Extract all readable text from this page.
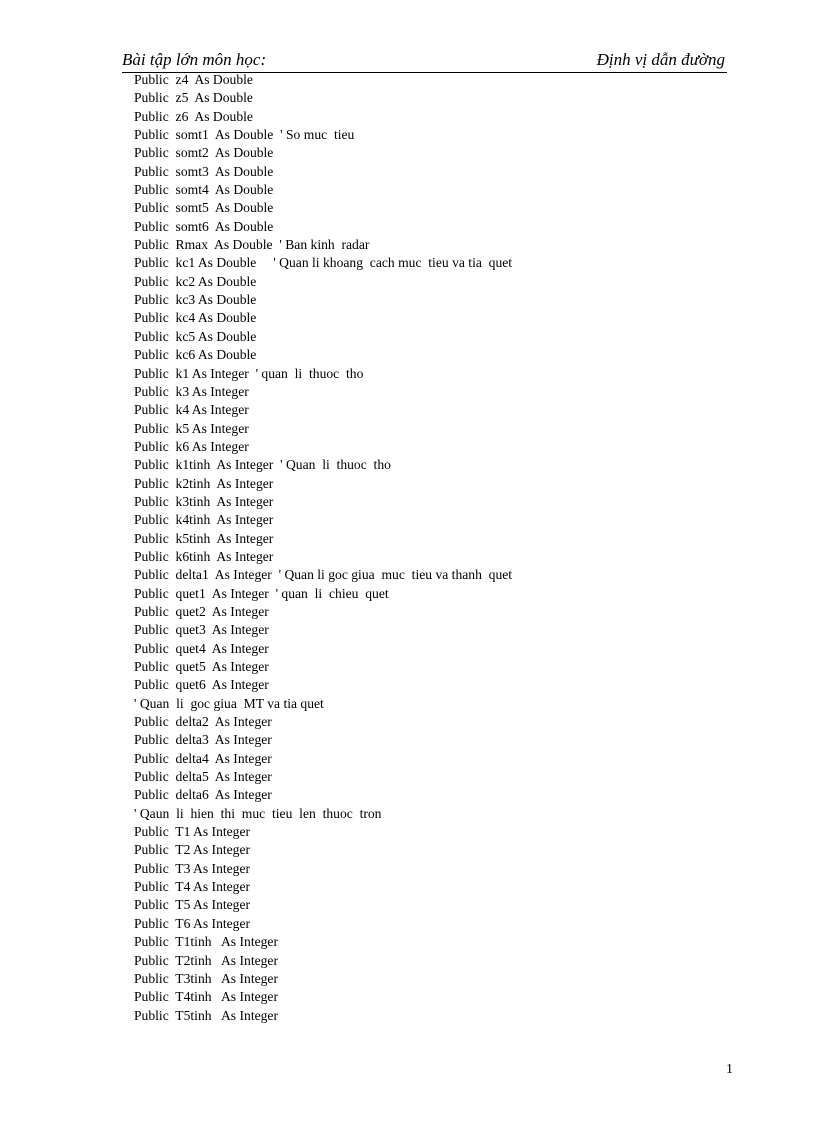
Bài tập lớn môn học:	Định vị dẫn đường
Public  z4  As Double
Public  z5  As Double
Public  z6  As Double
Public  somt1  As Double  ' So muc  tieu
Public  somt2  As Double
Public  somt3  As Double
Public  somt4  As Double
Public  somt5  As Double
Public  somt6  As Double
Public  Rmax  As Double  ' Ban kinh  radar
Public  kc1 As Double     ' Quan li khoang  cach muc  tieu va tia  quet
Public  kc2 As Double
Public  kc3 As Double
Public  kc4 As Double
Public  kc5 As Double
Public  kc6 As Double
Public  k1 As Integer  ' quan  li  thuoc  tho
Public  k3 As Integer
Public  k4 As Integer
Public  k5 As Integer
Public  k6 As Integer
Public  k1tinh  As Integer  ' Quan  li  thuoc  tho
Public  k2tinh  As Integer
Public  k3tinh  As Integer
Public  k4tinh  As Integer
Public  k5tinh  As Integer
Public  k6tinh  As Integer
Public  delta1  As Integer  ' Quan li goc giua  muc  tieu va thanh  quet
Public  quet1  As Integer  ' quan  li  chieu  quet
Public  quet2  As Integer
Public  quet3  As Integer
Public  quet4  As Integer
Public  quet5  As Integer
Public  quet6  As Integer
' Quan  li  goc giua  MT va tia quet
Public  delta2  As Integer
Public  delta3  As Integer
Public  delta4  As Integer
Public  delta5  As Integer
Public  delta6  As Integer
' Qaun  li  hien  thi  muc  tieu  len  thuoc  tron
Public  T1 As Integer
Public  T2 As Integer
Public  T3 As Integer
Public  T4 As Integer
Public  T5 As Integer
Public  T6 As Integer
Public  T1tinh   As Integer
Public  T2tinh   As Integer
Public  T3tinh   As Integer
Public  T4tinh   As Integer
Public  T5tinh   As Integer
1
